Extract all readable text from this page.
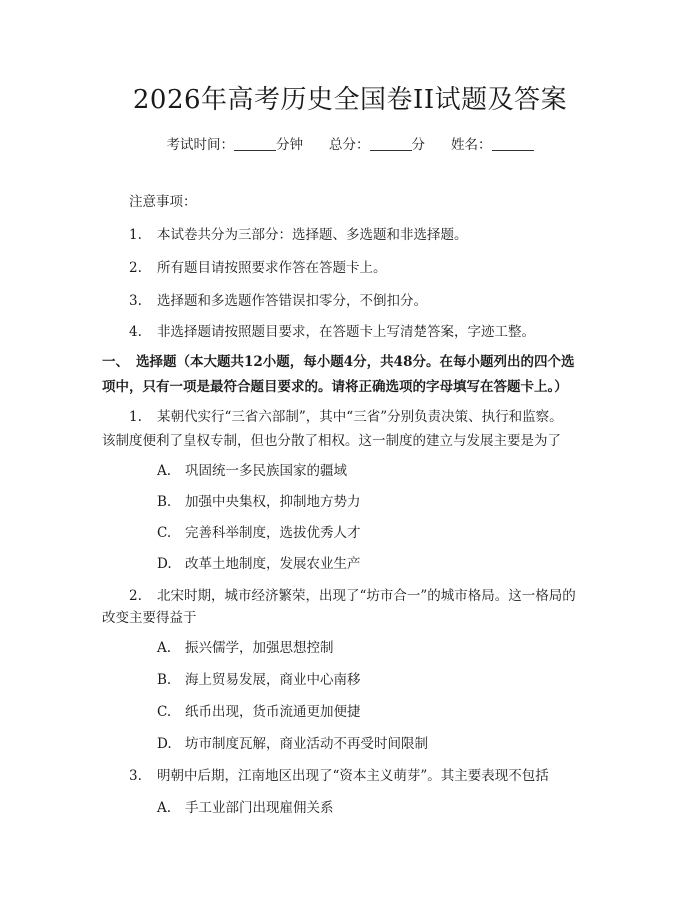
2026年高考历史全国卷II试题及答案
考试时间：	分钟 总分：	分 姓名：
注意事项：
1. 本试卷共分为三部分：选择题、多选题和非选择题。
2. 所有题目请按照要求作答在答题卡上。
3. 选择题和多选题作答错误扣零分，不倒扣分。
4. 非选择题请按照题目要求，在答题卡上写清楚答案，字迹工整。
一、 选择题（本大题共12小题，每小题4分，共48分。在每小题列出的四个选
项中，只有一项是最符合题目要求的。请将正确选项的字母填写在答题卡上。）
1. 某朝代实行“三省六部制”，其中“三省”分别负责决策、执行和监察。
该制度便利了皇权专制，但也分散了相权。这一制度的建立与发展主要是为了
A. 巩固统一多民族国家的疆域
B. 加强中央集权，抑制地方势力
C. 完善科举制度，选拔优秀人才
D. 改革土地制度，发展农业生产
2. 北宋时期，城市经济繁荣，出现了“坊市合一”的城市格局。这一格局的
改变主要得益于
A. 振兴儒学，加强思想控制
B. 海上贸易发展，商业中心南移
C. 纸币出现，货币流通更加便捷
D. 坊市制度瓦解，商业活动不再受时间限制
3. 明朝中后期，江南地区出现了“资本主义萌芽”。其主要表现不包括
A. 手工业部门出现雇佣关系
